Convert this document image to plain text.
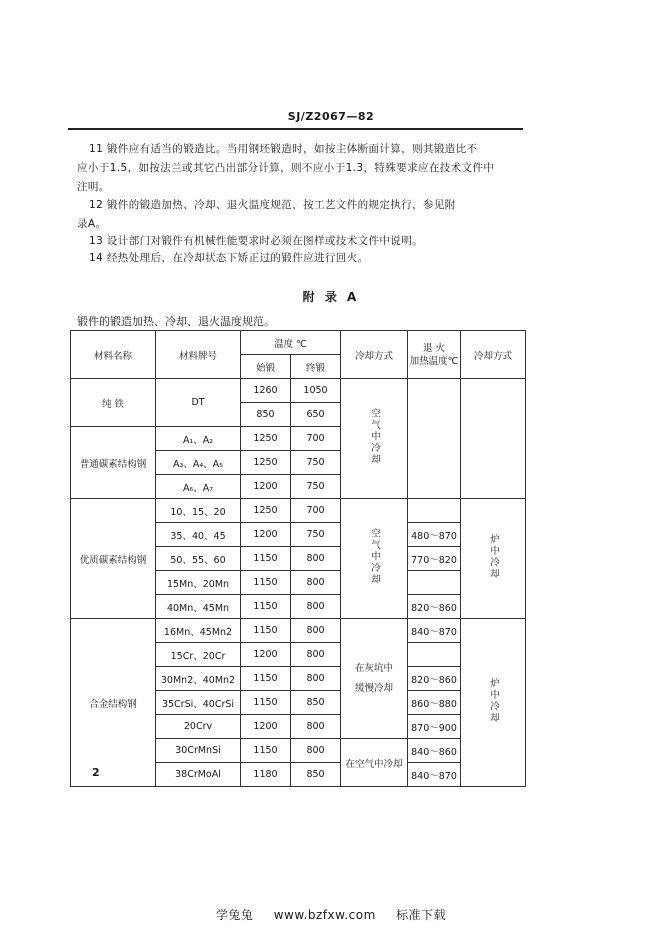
SJ/Z2067—82

11 锻件应有适当的锻造比。当用钢坯锻造时，如按主体断面计算，则其锻造比不

应小于1.5，如按法兰或其它凸出部分计算，则不应小于1.3，特殊要求应在技术文件中

注明。

12 锻件的锻造加热、冷却、退火温度规范，按工艺文件的规定执行，参见附

录A。

13 设计部门对锻件有机械性能要求时必须在图样或技术文件中说明。

14 经热处理后，在冷却状态下矫正过的锻件应进行回火。

附 录 A
锻件的锻造加热、冷却、退火温度规范。
材料名称	材料牌号	温度 ℃		冷却方式	退 火
加热温度℃	冷却方式
		始锻	终锻			
纯 铁	DT	1260	1050	空气中冷却		
		850	650			
普通碳素结构钢	A₁、A₂	1250	700			
	A₃、A₄、A₅	1250	750			
	A₆、A₇	1200	750			
优质碳素结构钢	10、15、20	1250	700	空气中冷却		炉中冷却
	35、40、45	1200	750		480～870	
	50、55、60	1150	800		770～820	
	15Mn、20Mn	1150	800			
	40Mn、45Mn	1150	800		820～860	
合金结构钢	16Mn、45Mn2	1150	800	在灰坑中
缓慢冷却	840～870	炉中冷却
	15Cr、20Cr	1200	800			
	30Mn2、40Mn2	1150	800		820～860	
	35CrSi、40CrSi	1150	850		860～880	
	20Crv	1200	800		870～900	
	30CrMnSi	1150	800	在空气中冷却	840～860	
	38CrMoAl	1180	850		840～870	
2
学兔兔 www.bzfxw.com 标准下载
